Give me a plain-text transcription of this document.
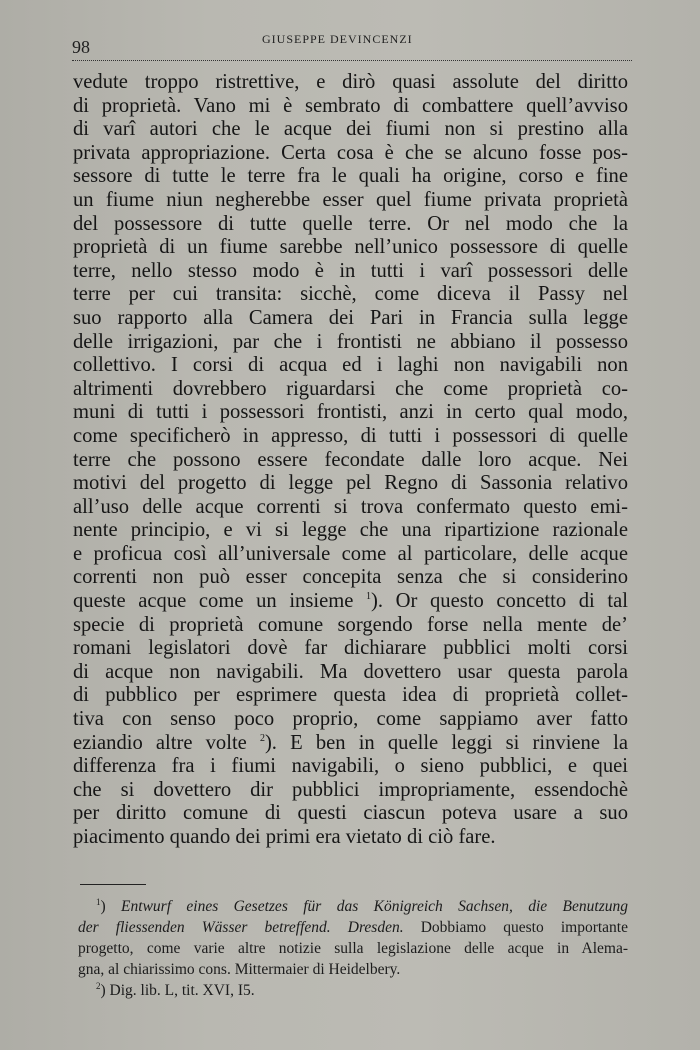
98	GIUSEPPE DEVINCENZI
vedute troppo ristrettive, e dirò quasi assolute del diritto
di proprietà. Vano mi è sembrato di combattere quell’avviso
di varî autori che le acque dei fiumi non si prestino alla
privata appropriazione. Certa cosa è che se alcuno fosse pos-
sessore di tutte le terre fra le quali ha origine, corso e fine
un fiume niun negherebbe esser quel fiume privata proprietà
del possessore di tutte quelle terre. Or nel modo che la
proprietà di un fiume sarebbe nell’unico possessore di quelle
terre, nello stesso modo è in tutti i varî possessori delle
terre per cui transita: sicchè, come diceva il Passy nel
suo rapporto alla Camera dei Pari in Francia sulla legge
delle irrigazioni, par che i frontisti ne abbiano il possesso
collettivo. I corsi di acqua ed i laghi non navigabili non
altrimenti dovrebbero riguardarsi che come proprietà co-
muni di tutti i possessori frontisti, anzi in certo qual modo,
come specificherò in appresso, di tutti i possessori di quelle
terre che possono essere fecondate dalle loro acque. Nei
motivi del progetto di legge pel Regno di Sassonia relativo
all’uso delle acque correnti si trova confermato questo emi-
nente principio, e vi si legge che una ripartizione razionale
e proficua così all’universale come al particolare, delle acque
correnti non può esser concepita senza che si considerino
queste acque come un insieme $^1$). Or questo concetto di tal
specie di proprietà comune sorgendo forse nella mente de’
romani legislatori dovè far dichiarare pubblici molti corsi
di acque non navigabili. Ma dovettero usar questa parola
di pubblico per esprimere questa idea di proprietà collet-
tiva con senso poco proprio, come sappiamo aver fatto
eziandio altre volte $^2$). E ben in quelle leggi si rinviene la
differenza fra i fiumi navigabili, o sieno pubblici, e quei
che si dovettero dir pubblici impropriamente, essendochè
per diritto comune di questi ciascun poteva usare a suo
piacimento quando dei primi era vietato di ciò fare.
$^1$) Entwurf eines Gesetzes für das Königreich Sachsen, die Benutzung
der fliessenden Wässer betreffend. Dresden. Dobbiamo questo importante
progetto, come varie altre notizie sulla legislazione delle acque in Alema-
gna, al chiarissimo cons. Mittermaier di Heidelbery.
$^2$) Dig. lib. L, tit. XVI, I5.
